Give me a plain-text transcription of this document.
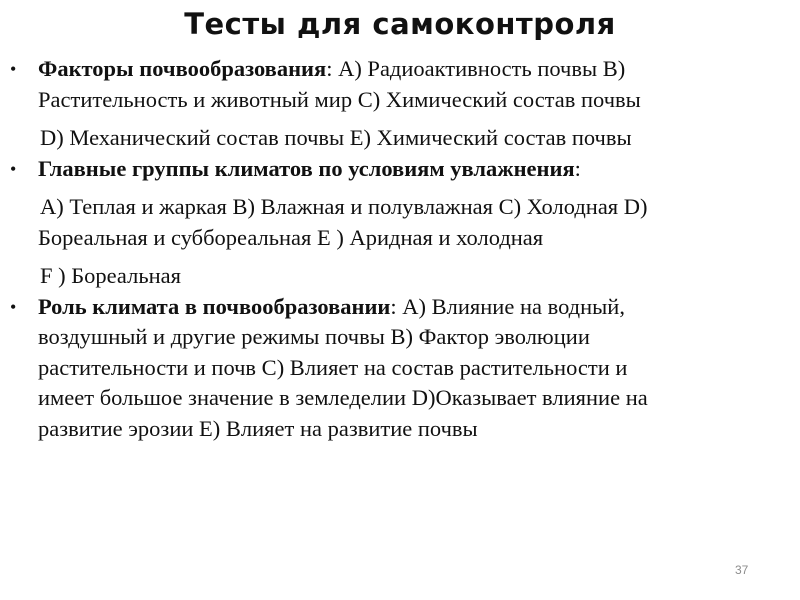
Тесты для самоконтроля
• Факторы почвообразования: А) Радиоактивность почвы В)
Растительность и животный мир С) Химический состав почвы
D) Механический состав почвы Е) Химический состав почвы
• Главные группы климатов по условиям увлажнения:
А) Теплая и жаркая В) Влажная и полувлажная С) Холодная D)
Бореальная и суббореальная Е ) Аридная и холодная
F ) Бореальная
• Роль климата в почвообразовании: А) Влияние на водный,
воздушный и другие режимы почвы В) Фактор эволюции
растительности и почв С) Влияет на состав растительности и
имеет большое значение в земледелии D)Оказывает влияние на
развитие эрозии Е) Влияет на развитие почвы
37
